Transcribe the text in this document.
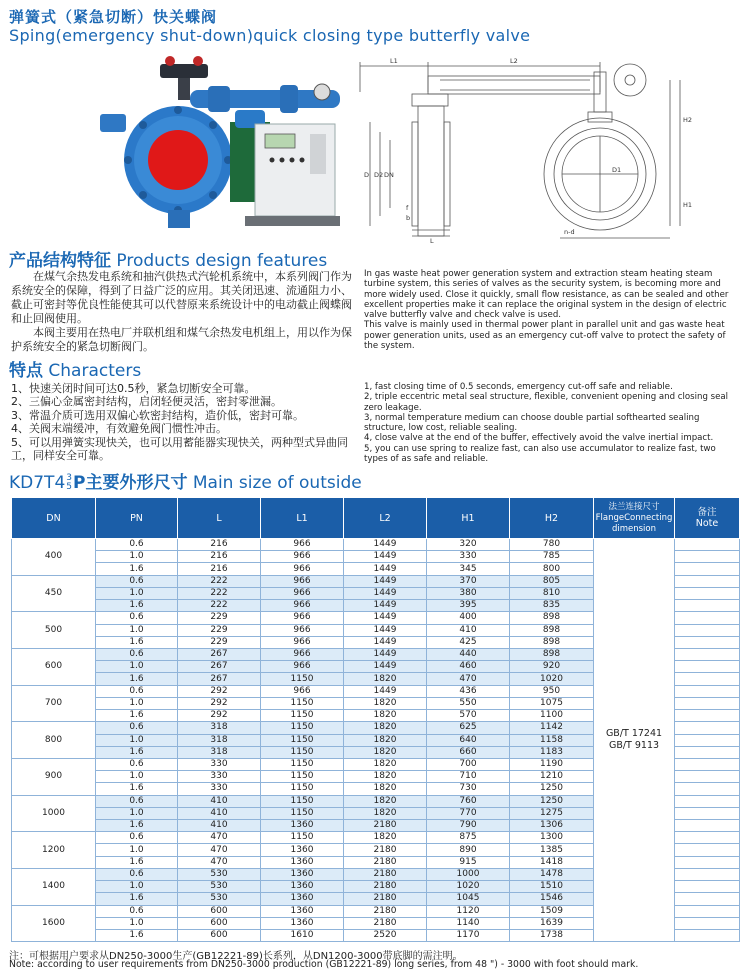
弹簧式（紧急切断）快关蝶阀
Sping(emergency shut-down)quick closing type butterfly valve
L1	L2
H2
H1
D D2 DN
D1
f
b
L
n-d
产品结构特征 Products design features
　　在煤气余热发电系统和抽汽供热式汽轮机系统中，本系列阀门作为系统安全的保障，得到了日益广泛的应用。其关闭迅速、流通阻力小、截止可密封等优良性能使其可以代替原来系统设计中的电动截止阀蝶阀和止回阀使用。
　　本阀主要用在热电厂并联机组和煤气余热发电机组上，用以作为保护系统安全的紧急切断阀门。
In gas waste heat power generation system and extraction steam heating steam turbine system, this series of valves as the security system, is becoming more and more widely used. Close it quickly, small flow resistance, as can be sealed and other excellent properties make it can replace the original system in the design of electric valve butterfly valve and check valve is used.
This valve is mainly used in thermal power plant in parallel unit and gas waste heat power generation units, used as an emergency cut-off valve to protect the safety of the system.
特点 Characters
1、快速关闭时间可达0.5秒，紧急切断安全可靠。
2、三偏心金属密封结构，启闭轻便灵活，密封零泄漏。
3、常温介质可选用双偏心软密封结构，造价低，密封可靠。
4、关阀末端缓冲，有效避免阀门惯性冲击。
5、可以用弹簧实现快关，也可以用蓄能器实现快关，两种型式异曲同工，同样安全可靠。
1, fast closing time of 0.5 seconds, emergency cut-off safe and reliable.
2, triple eccentric metal seal structure, flexible, convenient opening and closing seal zero leakage.
3, normal temperature medium can choose double partial softhearted sealing structure, low cost, reliable sealing.
4, close valve at the end of the buffer, effectively avoid the valve inertial impact.
5, you can use spring to realize fast, can also use accumulator to realize fast, two types of as safe and reliable.
KD7T4 3
5 P主要外形尺寸 Main size of outside
DN	PN	L	L1	L2	H1	H2	法兰连接尺寸
FlangeConnecting
dimension	备注
Note
400	0.6	216	966	1449	320	780	GB/T 17241
GB/T 9113	
	1.0	216	966	1449	330	785		
	1.6	216	966	1449	345	800		
450	0.6	222	966	1449	370	805		
	1.0	222	966	1449	380	810		
	1.6	222	966	1449	395	835		
500	0.6	229	966	1449	400	898		
	1.0	229	966	1449	410	898		
	1.6	229	966	1449	425	898		
600	0.6	267	966	1449	440	898		
	1.0	267	966	1449	460	920		
	1.6	267	1150	1820	470	1020		
700	0.6	292	966	1449	436	950		
	1.0	292	1150	1820	550	1075		
	1.6	292	1150	1820	570	1100		
800	0.6	318	1150	1820	625	1142		
	1.0	318	1150	1820	640	1158		
	1.6	318	1150	1820	660	1183		
900	0.6	330	1150	1820	700	1190		
	1.0	330	1150	1820	710	1210		
	1.6	330	1150	1820	730	1250		
1000	0.6	410	1150	1820	760	1250		
	1.0	410	1150	1820	770	1275		
	1.6	410	1360	2180	790	1306		
1200	0.6	470	1150	1820	875	1300		
	1.0	470	1360	2180	890	1385		
	1.6	470	1360	2180	915	1418		
1400	0.6	530	1360	2180	1000	1478		
	1.0	530	1360	2180	1020	1510		
	1.6	530	1360	2180	1045	1546		
1600	0.6	600	1360	2180	1120	1509		
	1.0	600	1360	2180	1140	1639		
	1.6	600	1610	2520	1170	1738		
注：可根据用户要求从DN250-3000生产(GB12221-89)长系列，从DN1200-3000带底脚的需注明。
Note: according to user requirements from DN250-3000 production (GB12221-89) long series, from 48 ") - 3000 with foot should mark.
